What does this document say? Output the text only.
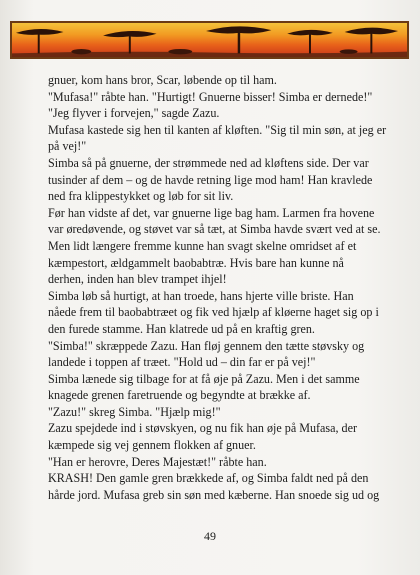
gnuer, kom hans bror, Scar, løbende op til ham.
"Mufasa!" råbte han. "Hurtigt! Gnuerne bisser! Simba er dernede!"
"Jeg flyver i forvejen," sagde Zazu.
Mufasa kastede sig hen til kanten af kløften. "Sig til min søn, at jeg er
på vej!"
Simba så på gnuerne, der strømmede ned ad kløftens side. Der var
tusinder af dem – og de havde retning lige mod ham! Han kravlede
ned fra klippestykket og løb for sit liv.
Før han vidste af det, var gnuerne lige bag ham. Larmen fra hovene
var øredøvende, og støvet var så tæt, at Simba havde svært ved at se.
Men lidt længere fremme kunne han svagt skelne omridset af et
kæmpestort, ældgammelt baobabtræ. Hvis bare han kunne nå
derhen, inden han blev trampet ihjel!
Simba løb så hurtigt, at han troede, hans hjerte ville briste. Han
nåede frem til baobabtræet og fik ved hjælp af kløerne haget sig op i
den furede stamme. Han klatrede ud på en kraftig gren.
"Simba!" skræppede Zazu. Han fløj gennem den tætte støvsky og
landede i toppen af træet. "Hold ud – din far er på vej!"
Simba lænede sig tilbage for at få øje på Zazu. Men i det samme
knagede grenen faretruende og begyndte at brække af.
"Zazu!" skreg Simba. "Hjælp mig!"
Zazu spejdede ind i støvskyen, og nu fik han øje på Mufasa, der
kæmpede sig vej gennem flokken af gnuer.
"Han er herovre, Deres Majestæt!" råbte han.
KRASH! Den gamle gren brækkede af, og Simba faldt ned på den
hårde jord. Mufasa greb sin søn med kæberne. Han snoede sig ud og
49
